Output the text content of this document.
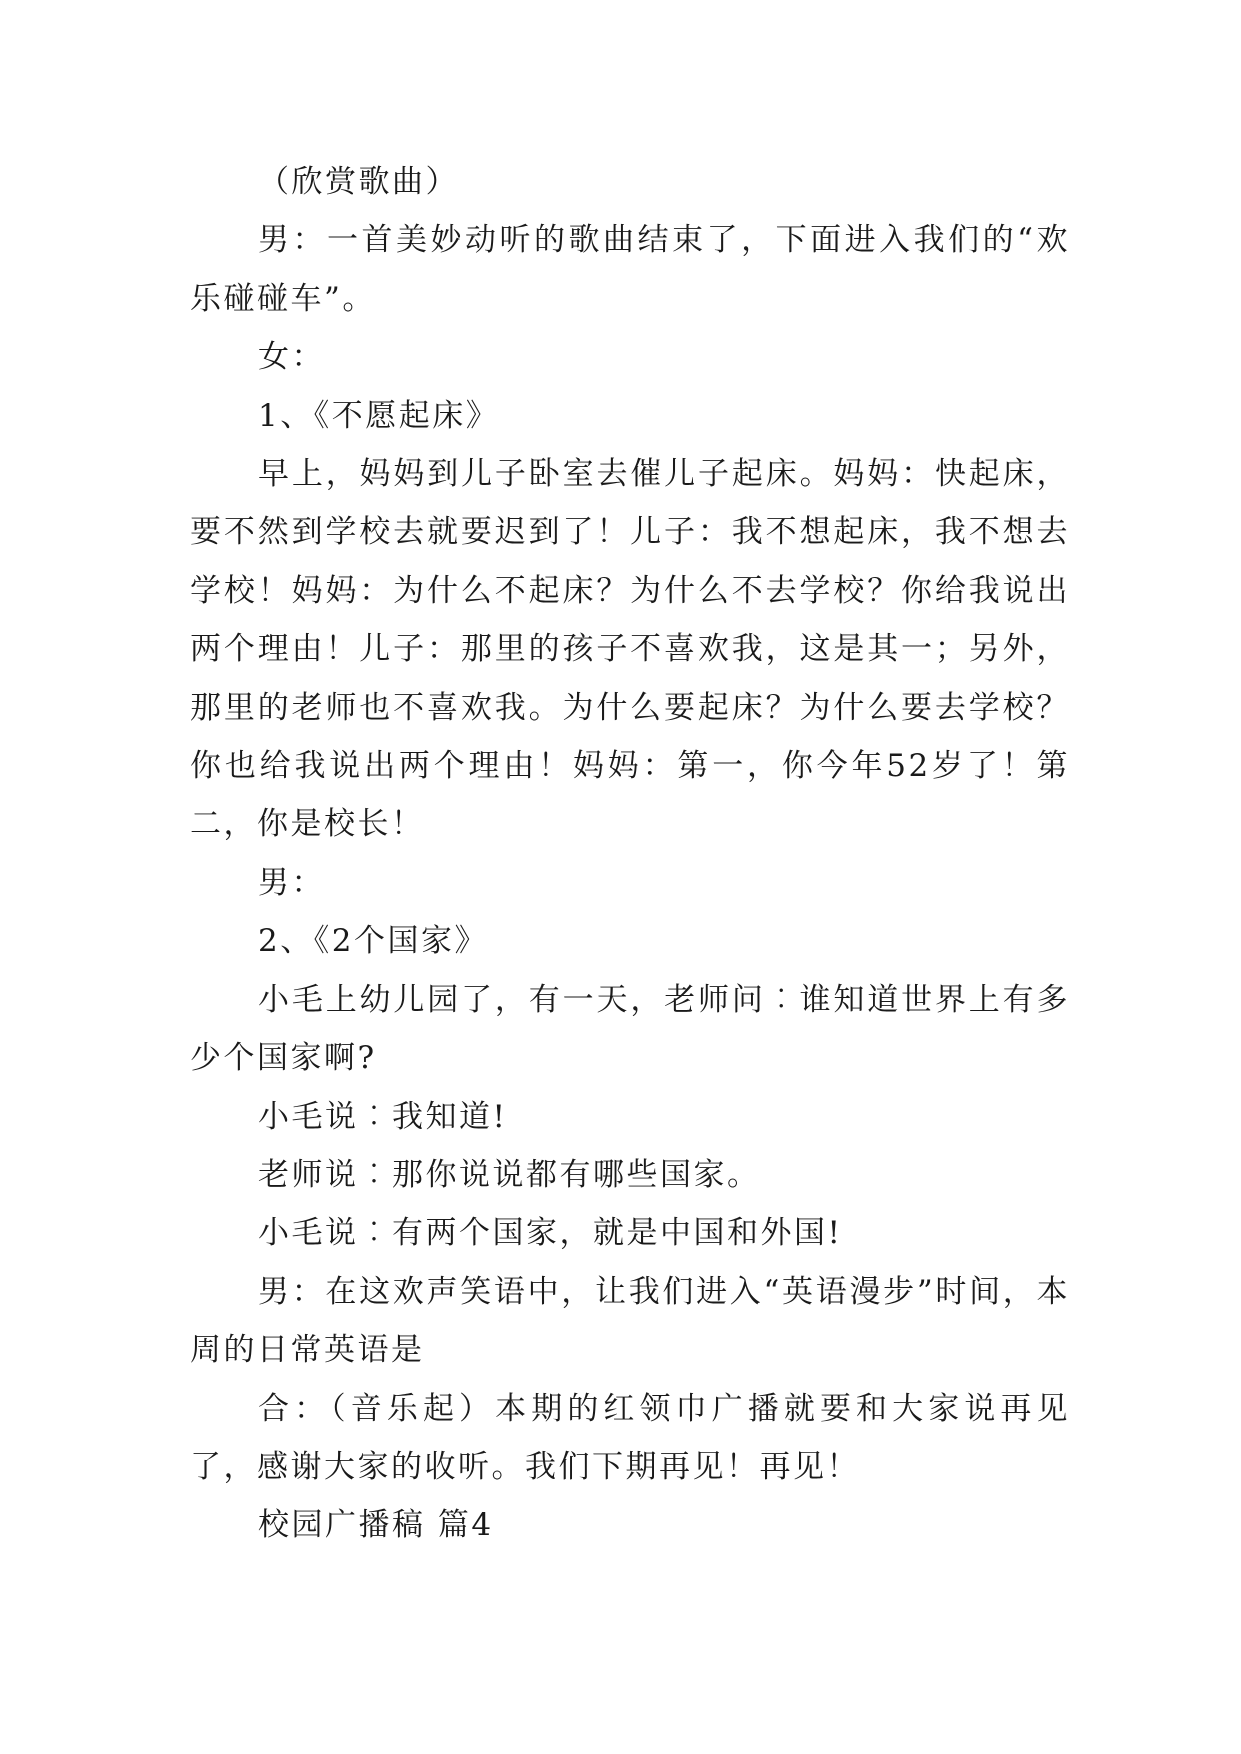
（欣赏歌曲）

男：一首美妙动听的歌曲结束了，下面进入我们的“欢乐碰碰车”。

女：

1、《不愿起床》

早上，妈妈到儿子卧室去催儿子起床。妈妈：快起床，要不然到学校去就要迟到了！儿子：我不想起床，我不想去学校！妈妈：为什么不起床？为什么不去学校？你给我说出两个理由！儿子：那里的孩子不喜欢我，这是其一；另外，那里的老师也不喜欢我。为什么要起床？为什么要去学校？你也给我说出两个理由！妈妈：第一，你今年52岁了！第二，你是校长！

男：

2、《2个国家》

小毛上幼儿园了，有一天，老师问︰谁知道世界上有多少个国家啊?

小毛说︰我知道!

老师说︰那你说说都有哪些国家。

小毛说︰有两个国家，就是中国和外国!

男：在这欢声笑语中，让我们进入“英语漫步”时间，本周的日常英语是

合：（音乐起）本期的红领巾广播就要和大家说再见了，感谢大家的收听。我们下期再见！再见！

校园广播稿 篇4
